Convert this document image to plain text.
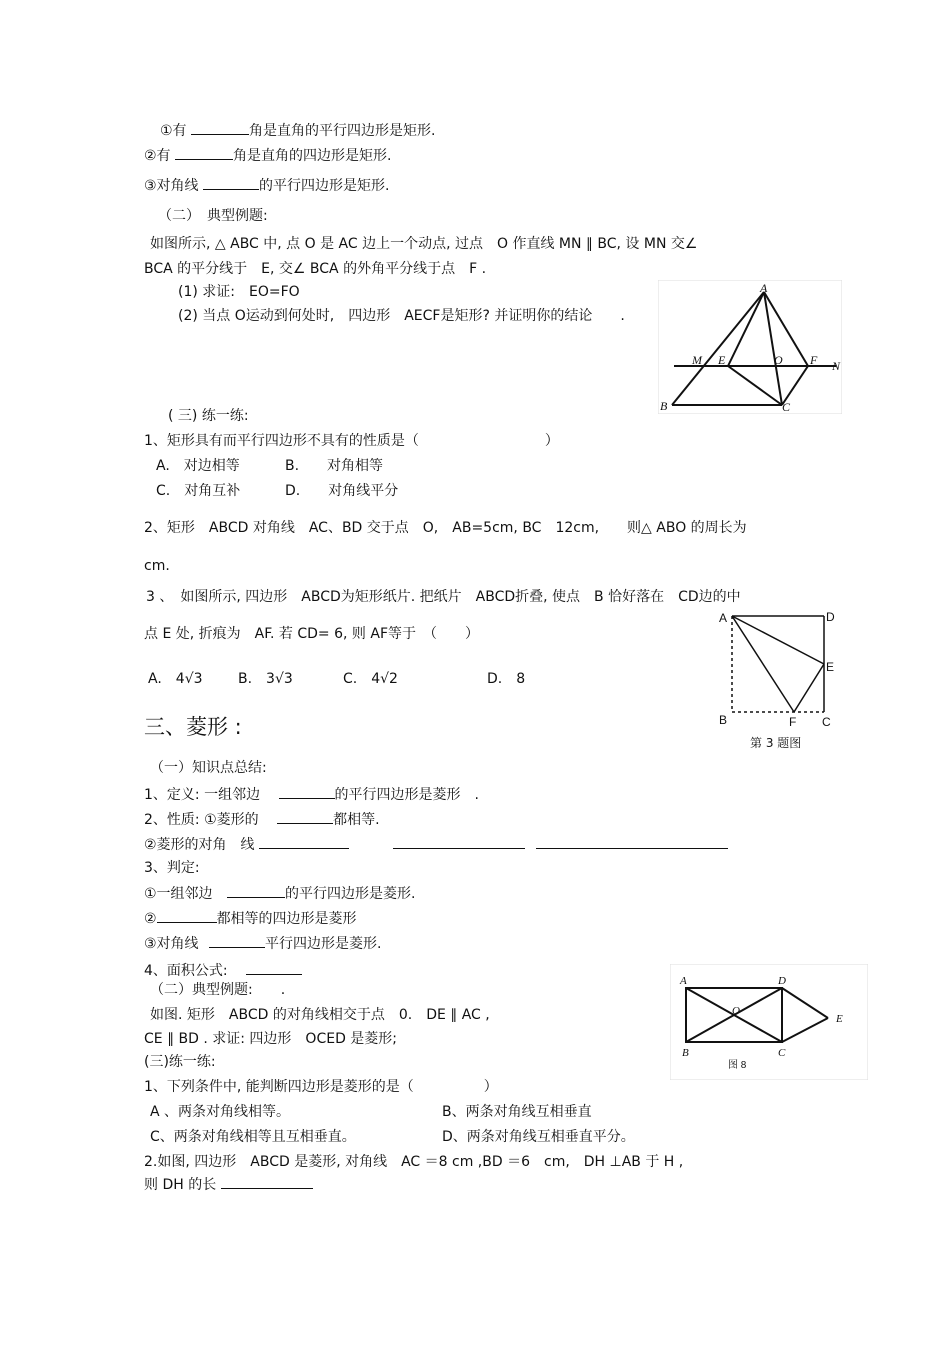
①有	角是直角的平行四边形是矩形.
②有	角是直角的四边形是矩形.
③对角线	的平行四边形是矩形.
（二）　典型例题:
如图所示, △ ABC 中, 点 O 是 AC 边上一个动点, 过点　O 作直线 MN ∥ BC, 设 MN 交∠
BCA 的平分线于　E, 交∠ BCA 的外角平分线于点　F .
(1) 求证:　EO=FO
(2) 当点 O运动到何处时,　四边形　AECF是矩形? 并证明你的结论　　.
A
M E	O F N
B	C
( 三) 练一练:
1、矩形具有而平行四边形不具有的性质是（　　　　　　　　　）
A.　对边相等	B.　　对角相等
C.　对角互补	D.　　对角线平分
2、矩形　ABCD 对角线　AC、BD 交于点　O,　AB=5cm, BC　12cm,　　则△ ABO 的周长为
cm.
3 、　如图所示, 四边形　ABCD为矩形纸片. 把纸片　ABCD折叠, 使点　B 恰好落在　CD边的中
点 E 处, 折痕为　AF. 若 CD= 6, 则 AF等于　（　　）
A.　4√3	B.　3√3	C.　4√2	D.　8
A	D
E
B	F C
第 3 题图
三、菱形 :
（一）知识点总结:
1、定义: 一组邻边	的平行四边形是菱形　.
2、性质: ①菱形的	都相等.
②菱形的对角　线
3、判定:
①一组邻边	的平行四边形是菱形.
②	都相等的四边形是菱形
③对角线	平行四边形是菱形.
4、面积公式:
（二）典型例题:　　.
如图. 矩形　ABCD 的对角线相交于点　0.　DE ∥ AC ,
CE ∥ BD . 求证: 四边形　OCED 是菱形;
A	D
O
E
B	C
图 8
(三)练一练:
1、下列条件中, 能判断四边形是菱形的是（　　　　　）
A 、两条对角线相等。	B、两条对角线互相垂直
C、两条对角线相等且互相垂直。	D、两条对角线互相垂直平分。
2.如图, 四边形　ABCD 是菱形, 对角线　AC ＝8 cm ,BD ＝6　cm,　DH ⊥AB 于 H ,
则 DH 的长
